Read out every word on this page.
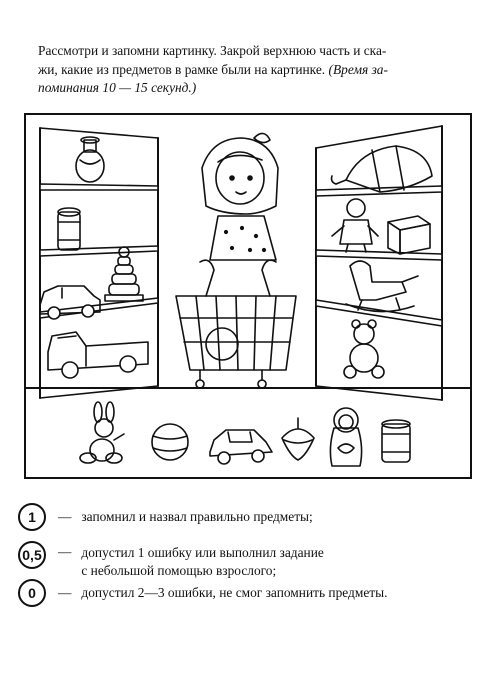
Рассмотри и запомни картинку. Закрой верхнюю часть и ска-
жи, какие из предметов в рамке были на картинке. (Время за-
поминания 10 — 15 секунд.)
1	— запомнил и назвал правильно предметы;
0,5	— допустил 1 ошибку или выполнил задание
с небольшой помощью взрослого;
0	— допустил 2—3 ошибки, не смог запомнить предметы.
